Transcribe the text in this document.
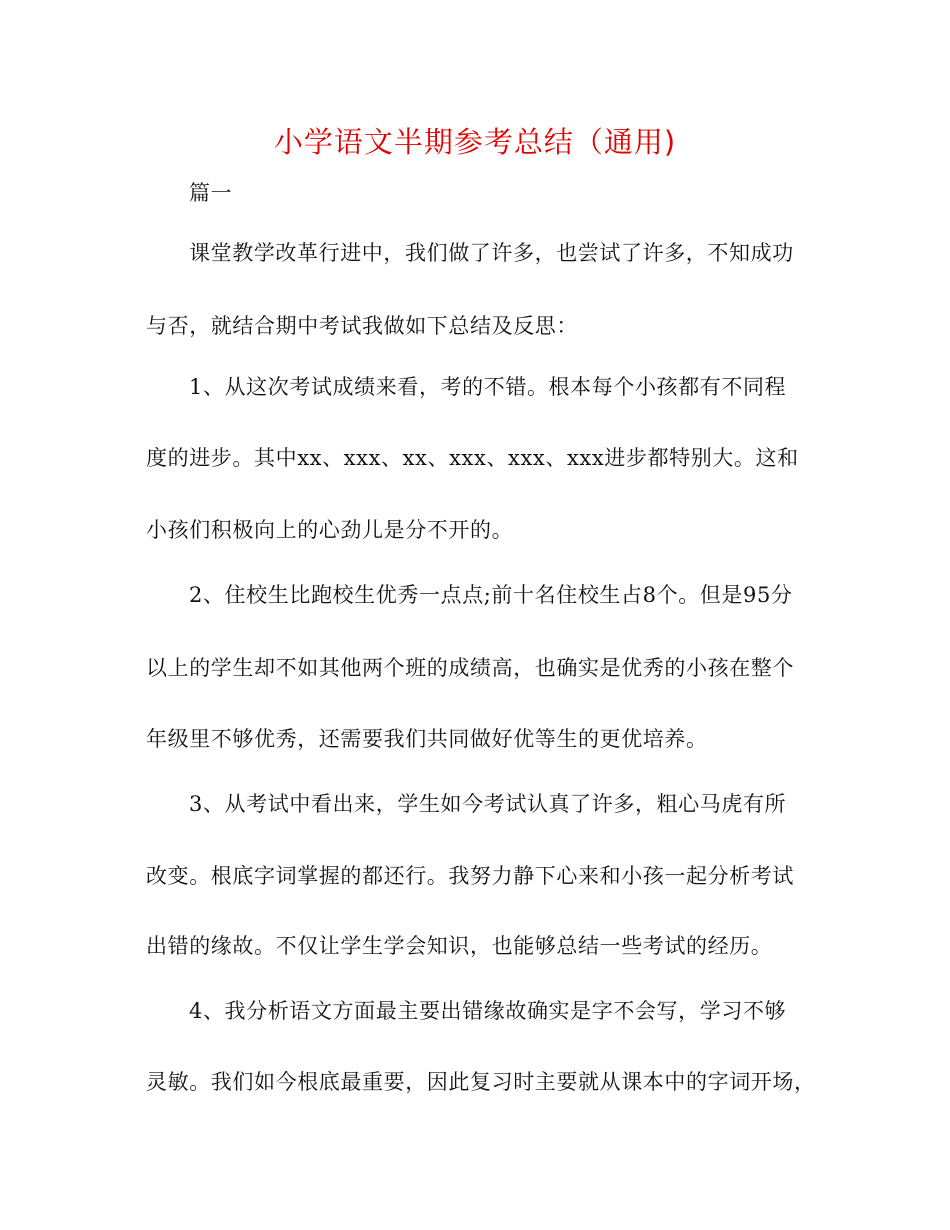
小学语文半期参考总结（通用)
篇一
课堂教学改革行进中，我们做了许多，也尝试了许多，不知成功
与否，就结合期中考试我做如下总结及反思：
1、从这次考试成绩来看，考的不错。根本每个小孩都有不同程
度的进步。其中xx、xxx、xx、xxx、xxx、xxx进步都特别大。这和
小孩们积极向上的心劲儿是分不开的。
2、住校生比跑校生优秀一点点;前十名住校生占8个。但是95分
以上的学生却不如其他两个班的成绩高，也确实是优秀的小孩在整个
年级里不够优秀，还需要我们共同做好优等生的更优培养。
3、从考试中看出来，学生如今考试认真了许多，粗心马虎有所
改变。根底字词掌握的都还行。我努力静下心来和小孩一起分析考试
出错的缘故。不仅让学生学会知识，也能够总结一些考试的经历。
4、我分析语文方面最主要出错缘故确实是字不会写，学习不够
灵敏。我们如今根底最重要，因此复习时主要就从课本中的字词开场，
